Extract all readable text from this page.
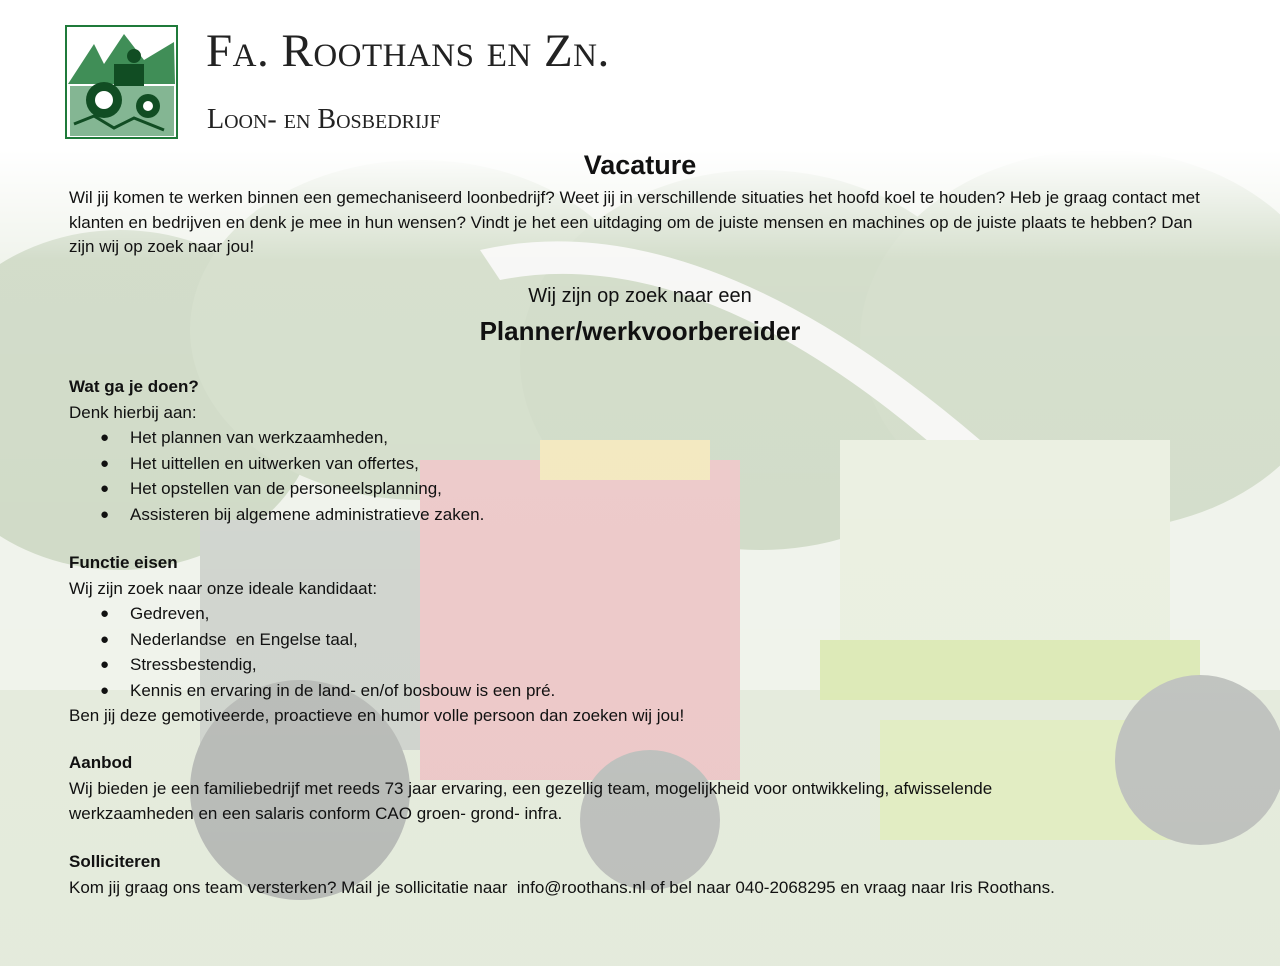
Fa. Roothans en Zn.
Loon- en Bosbedrijf
Vacature
Wil jij komen te werken binnen een gemechaniseerd loonbedrijf? Weet jij in verschillende situaties het hoofd koel te houden? Heb je graag contact met klanten en bedrijven en denk je mee in hun wensen? Vindt je het een uitdaging om de juiste mensen en machines op de juiste plaats te hebben? Dan zijn wij op zoek naar jou!
Wij zijn op zoek naar een
Planner/werkvoorbereider
Wat ga je doen?

Denk hierbij aan:

● Het plannen van werkzaamheden,
● Het uittellen en uitwerken van offertes,
● Het opstellen van de personeelsplanning,
● Assisteren bij algemene administratieve zaken.
Functie eisen

Wij zijn zoek naar onze ideale kandidaat:

● Gedreven,
● Nederlandse  en Engelse taal,
● Stressbestendig,
● Kennis en ervaring in de land- en/of bosbouw is een pré.

Ben jij deze gemotiveerde, proactieve en humor volle persoon dan zoeken wij jou!

Aanbod

Wij bieden je een familiebedrijf met reeds 73 jaar ervaring, een gezellig team, mogelijkheid voor ontwikkeling, afwisselende werkzaamheden en een salaris conform CAO groen- grond- infra.

Solliciteren

Kom jij graag ons team versterken? Mail je sollicitatie naar  info@roothans.nl of bel naar 040-2068295 en vraag naar Iris Roothans.
